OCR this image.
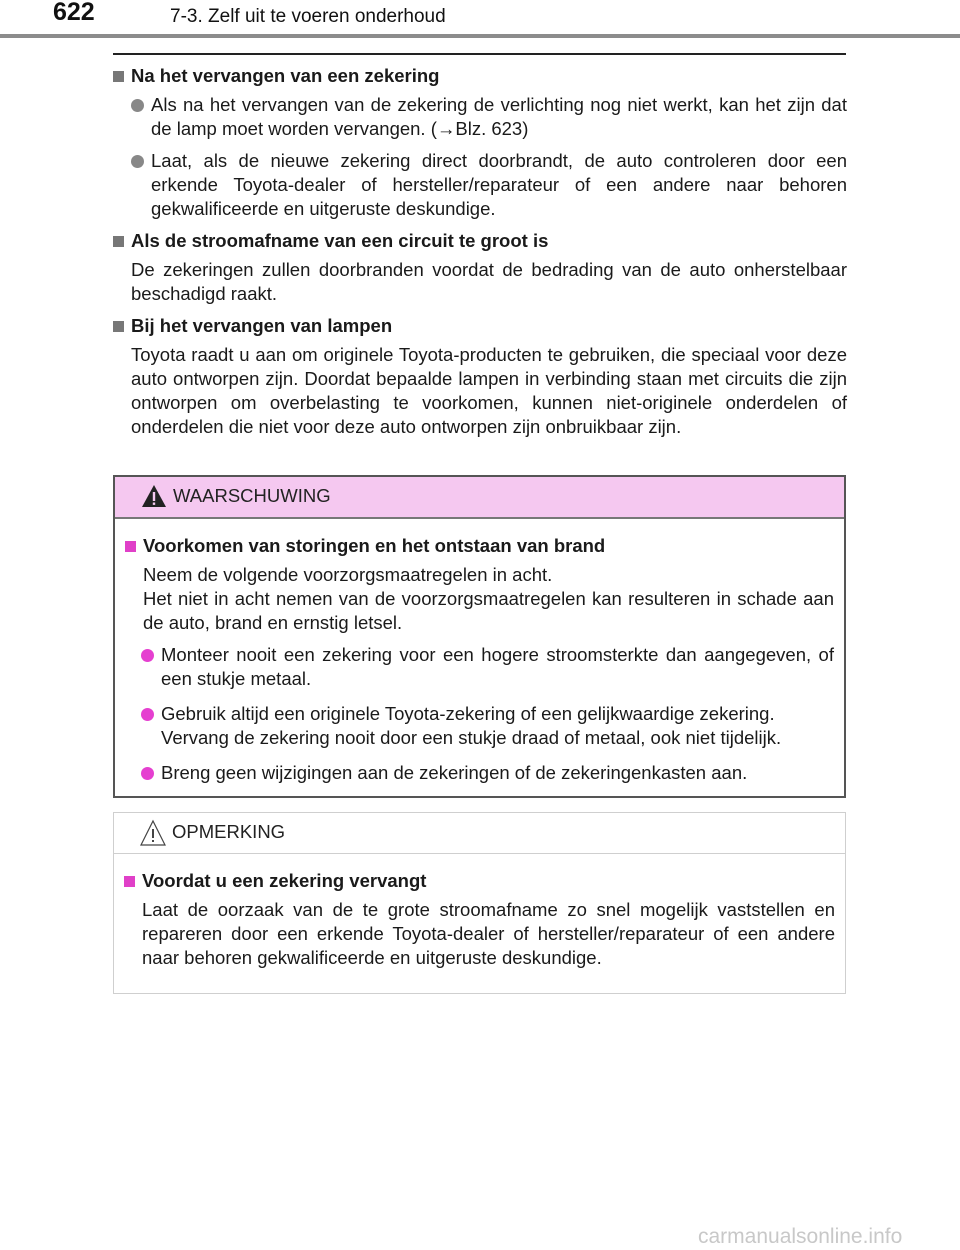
622	7-3. Zelf uit te voeren onderhoud
Na het vervangen van een zekering
Als na het vervangen van de zekering de verlichting nog niet werkt, kan het zijn dat de lamp moet worden vervangen. (→Blz. 623)
Laat, als de nieuwe zekering direct doorbrandt, de auto controleren door een erkende Toyota-dealer of hersteller/reparateur of een andere naar behoren gekwalificeerde en uitgeruste deskundige.
Als de stroomafname van een circuit te groot is
De zekeringen zullen doorbranden voordat de bedrading van de auto onherstelbaar beschadigd raakt.
Bij het vervangen van lampen
Toyota raadt u aan om originele Toyota-producten te gebruiken, die speciaal voor deze auto ontworpen zijn. Doordat bepaalde lampen in verbinding staan met circuits die zijn ontworpen om overbelasting te voorkomen, kunnen niet-originele onderdelen of onderdelen die niet voor deze auto ontworpen zijn onbruikbaar zijn.
WAARSCHUWING
Voorkomen van storingen en het ontstaan van brand
Neem de volgende voorzorgsmaatregelen in acht.
Het niet in acht nemen van de voorzorgsmaatregelen kan resulteren in schade aan de auto, brand en ernstig letsel.
Monteer nooit een zekering voor een hogere stroomsterkte dan aangegeven, of een stukje metaal.
Gebruik altijd een originele Toyota-zekering of een gelijkwaardige zekering. Vervang de zekering nooit door een stukje draad of metaal, ook niet tijdelijk.
Breng geen wijzigingen aan de zekeringen of de zekeringenkasten aan.
OPMERKING
Voordat u een zekering vervangt
Laat de oorzaak van de te grote stroomafname zo snel mogelijk vaststellen en repareren door een erkende Toyota-dealer of hersteller/reparateur of een andere naar behoren gekwalificeerde en uitgeruste deskundige.
carmanualsonline.info
